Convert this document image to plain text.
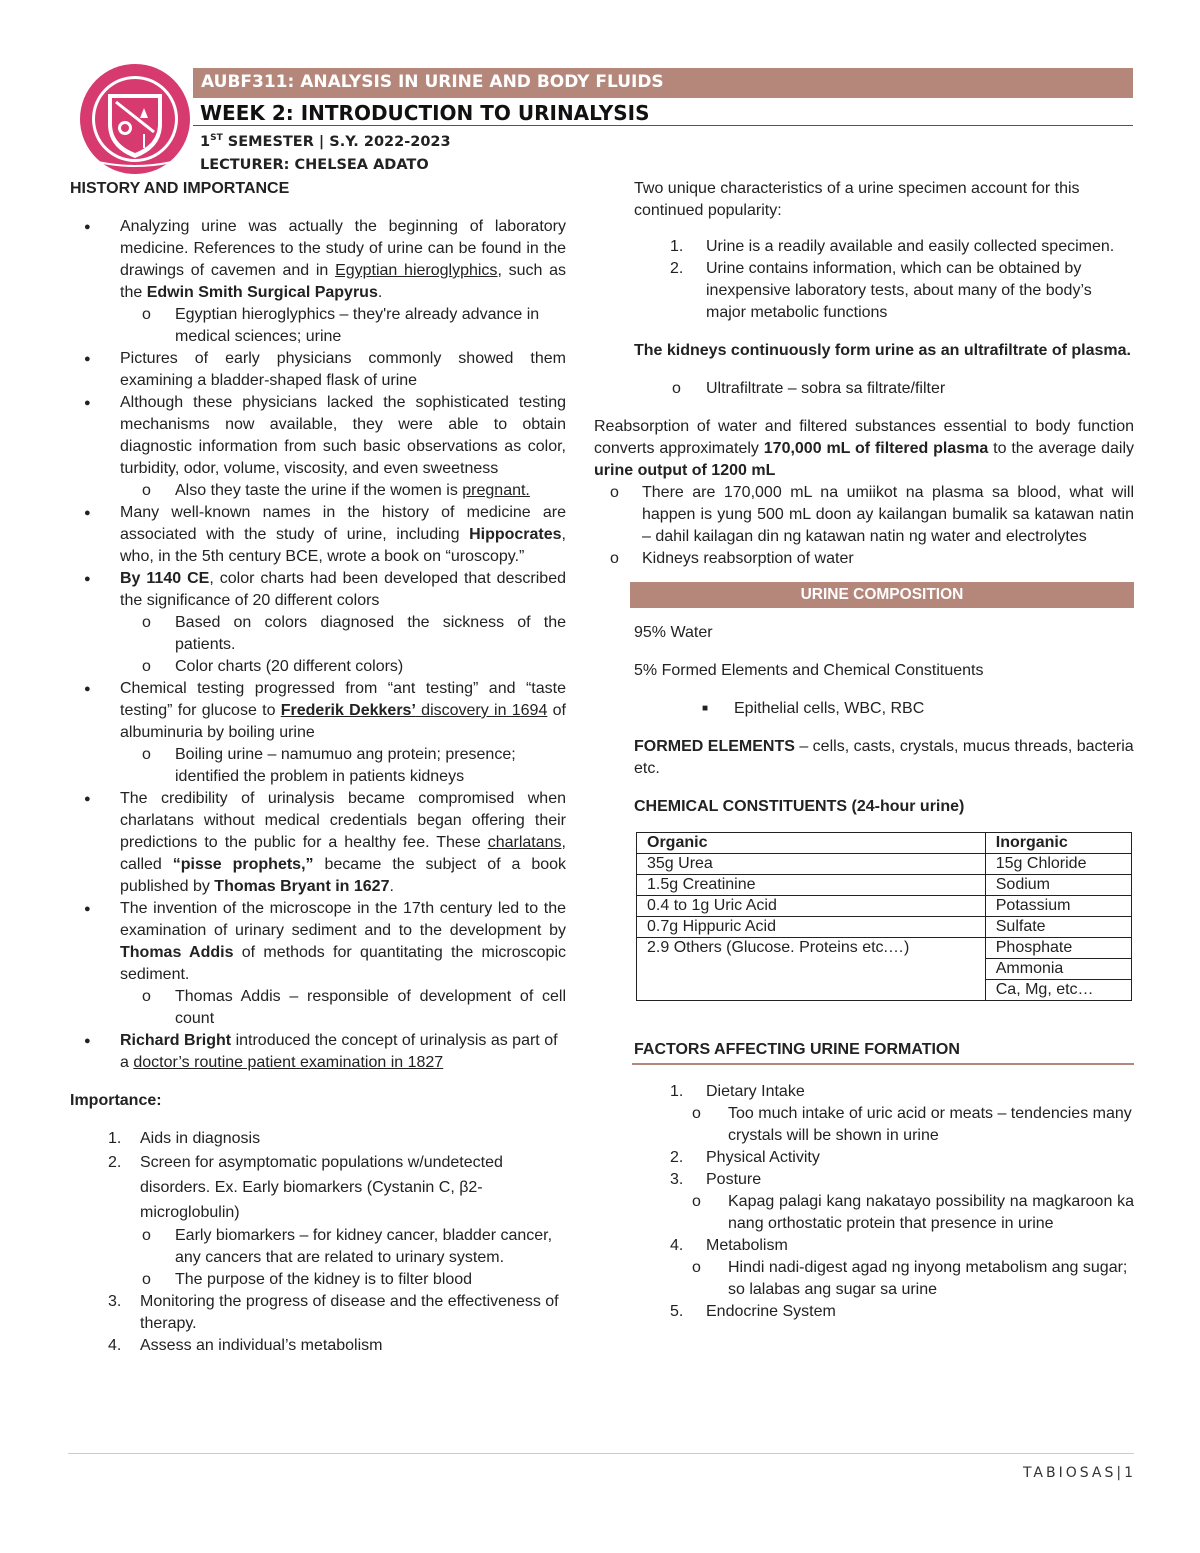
AUBF311: ANALYSIS IN URINE AND BODY FLUIDS
WEEK 2: INTRODUCTION TO URINALYSIS
1ST SEMESTER | S.Y. 2022-2023
LECTURER: CHELSEA ADATO

HISTORY AND IMPORTANCE

● Analyzing urine was actually the beginning of laboratory medicine. References to the study of urine can be found in the drawings of cavemen and in Egyptian hieroglyphics, such as the Edwin Smith Surgical Papyrus.
o Egyptian hieroglyphics – they're already advance in medical sciences; urine
● Pictures of early physicians commonly showed them examining a bladder-shaped flask of urine
● Although these physicians lacked the sophisticated testing mechanisms now available, they were able to obtain diagnostic information from such basic observations as color, turbidity, odor, volume, viscosity, and even sweetness
o Also they taste the urine if the women is pregnant.
● Many well-known names in the history of medicine are associated with the study of urine, including Hippocrates, who, in the 5th century BCE, wrote a book on “uroscopy.”
● By 1140 CE, color charts had been developed that described the significance of 20 different colors
o Based on colors diagnosed the sickness of the patients.
o Color charts (20 different colors)
● Chemical testing progressed from “ant testing” and “taste testing” for glucose to Frederik Dekkers’ discovery in 1694 of albuminuria by boiling urine
o Boiling urine – namumuo ang protein; presence; identified the problem in patients kidneys
● The credibility of urinalysis became compromised when charlatans without medical credentials began offering their predictions to the public for a healthy fee. These charlatans, called “pisse prophets,” became the subject of a book published by Thomas Bryant in 1627.
● The invention of the microscope in the 17th century led to the examination of urinary sediment and to the development by Thomas Addis of methods for quantitating the microscopic sediment.
o Thomas Addis – responsible of development of cell count
● Richard Bright introduced the concept of urinalysis as part of a doctor’s routine patient examination in 1827

Importance:

1. Aids in diagnosis
2. Screen for asymptomatic populations w/undetected disorders. Ex. Early biomarkers (Cystanin C, β2-microglobulin)
o Early biomarkers – for kidney cancer, bladder cancer, any cancers that are related to urinary system.
o The purpose of the kidney is to filter blood
3. Monitoring the progress of disease and the effectiveness of therapy.
4. Assess an individual’s metabolism

Two unique characteristics of a urine specimen account for this continued popularity:

1. Urine is a readily available and easily collected specimen.
2. Urine contains information, which can be obtained by inexpensive laboratory tests, about many of the body’s major metabolic functions

The kidneys continuously form urine as an ultrafiltrate of plasma.

o Ultrafiltrate – sobra sa filtrate/filter

Reabsorption of water and filtered substances essential to body function converts approximately 170,000 mL of filtered plasma to the average daily urine output of 1200 mL

o There are 170,000 mL na umiikot na plasma sa blood, what will happen is yung 500 mL doon ay kailangan bumalik sa katawan natin – dahil kailagan din ng katawan natin ng water and electrolytes
o Kidneys reabsorption of water
URINE COMPOSITION

95% Water

5% Formed Elements and Chemical Constituents

■ Epithelial cells, WBC, RBC

FORMED ELEMENTS – cells, casts, crystals, mucus threads, bacteria etc.

CHEMICAL CONSTITUENTS (24-hour urine)

Organic	Inorganic
35g Urea	15g Chloride
1.5g Creatinine	Sodium
0.4 to 1g Uric Acid	Potassium
0.7g Hippuric Acid	Sulfate
2.9 Others (Glucose. Proteins etc.…)	Phosphate
	Ammonia
	Ca, Mg, etc…

FACTORS AFFECTING URINE FORMATION

1. Dietary Intake
o Too much intake of uric acid or meats – tendencies many crystals will be shown in urine
2. Physical Activity
3. Posture
o Kapag palagi kang nakatayo possibility na magkaroon ka nang orthostatic protein that presence in urine
4. Metabolism
o Hindi nadi-digest agad ng inyong metabolism ang sugar; so lalabas ang sugar sa urine
5. Endocrine System
TABIOSAS|1
